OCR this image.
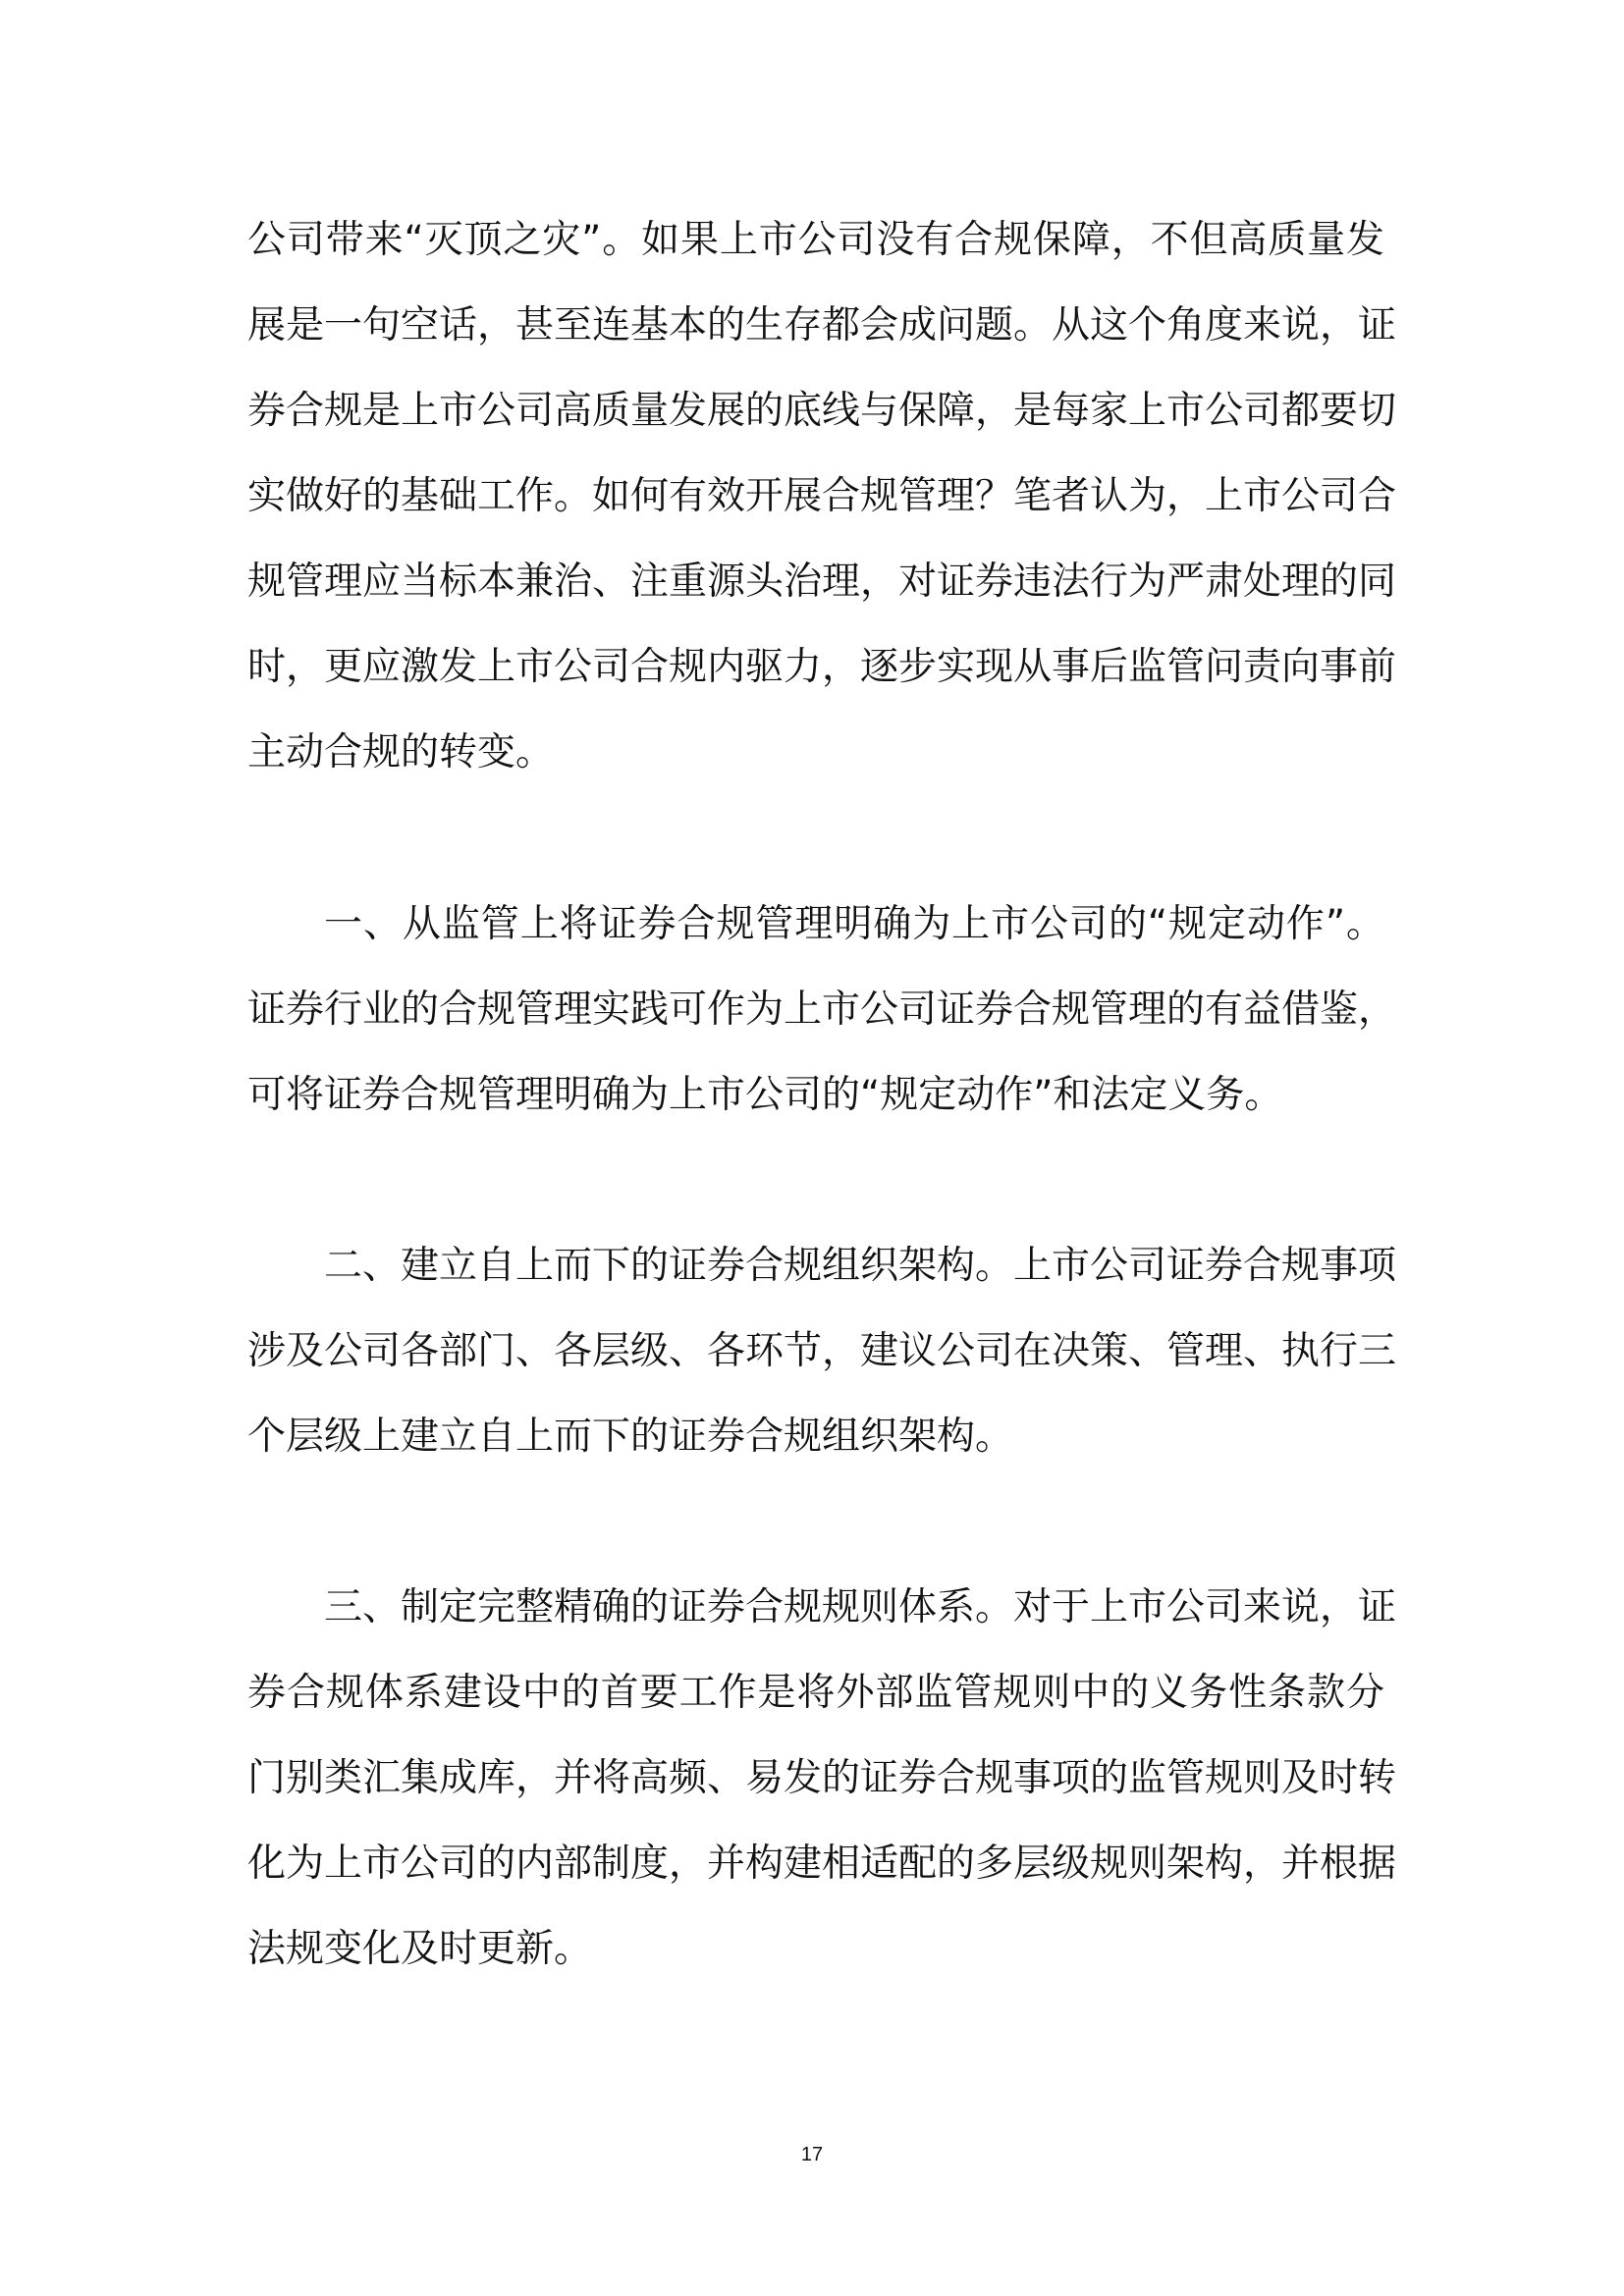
公司带来“灭顶之灾”。如果上市公司没有合规保障，不但高质量发
展是一句空话，甚至连基本的生存都会成问题。从这个角度来说，证
券合规是上市公司高质量发展的底线与保障，是每家上市公司都要切
实做好的基础工作。如何有效开展合规管理？笔者认为，上市公司合
规管理应当标本兼治、注重源头治理，对证券违法行为严肃处理的同
时，更应激发上市公司合规内驱力，逐步实现从事后监管问责向事前
主动合规的转变。
一、从监管上将证券合规管理明确为上市公司的“规定动作”。
证券行业的合规管理实践可作为上市公司证券合规管理的有益借鉴，
可将证券合规管理明确为上市公司的“规定动作”和法定义务。
二、建立自上而下的证券合规组织架构。上市公司证券合规事项
涉及公司各部门、各层级、各环节，建议公司在决策、管理、执行三
个层级上建立自上而下的证券合规组织架构。
三、制定完整精确的证券合规规则体系。对于上市公司来说，证
券合规体系建设中的首要工作是将外部监管规则中的义务性条款分
门别类汇集成库，并将高频、易发的证券合规事项的监管规则及时转
化为上市公司的内部制度，并构建相适配的多层级规则架构，并根据
法规变化及时更新。
17
